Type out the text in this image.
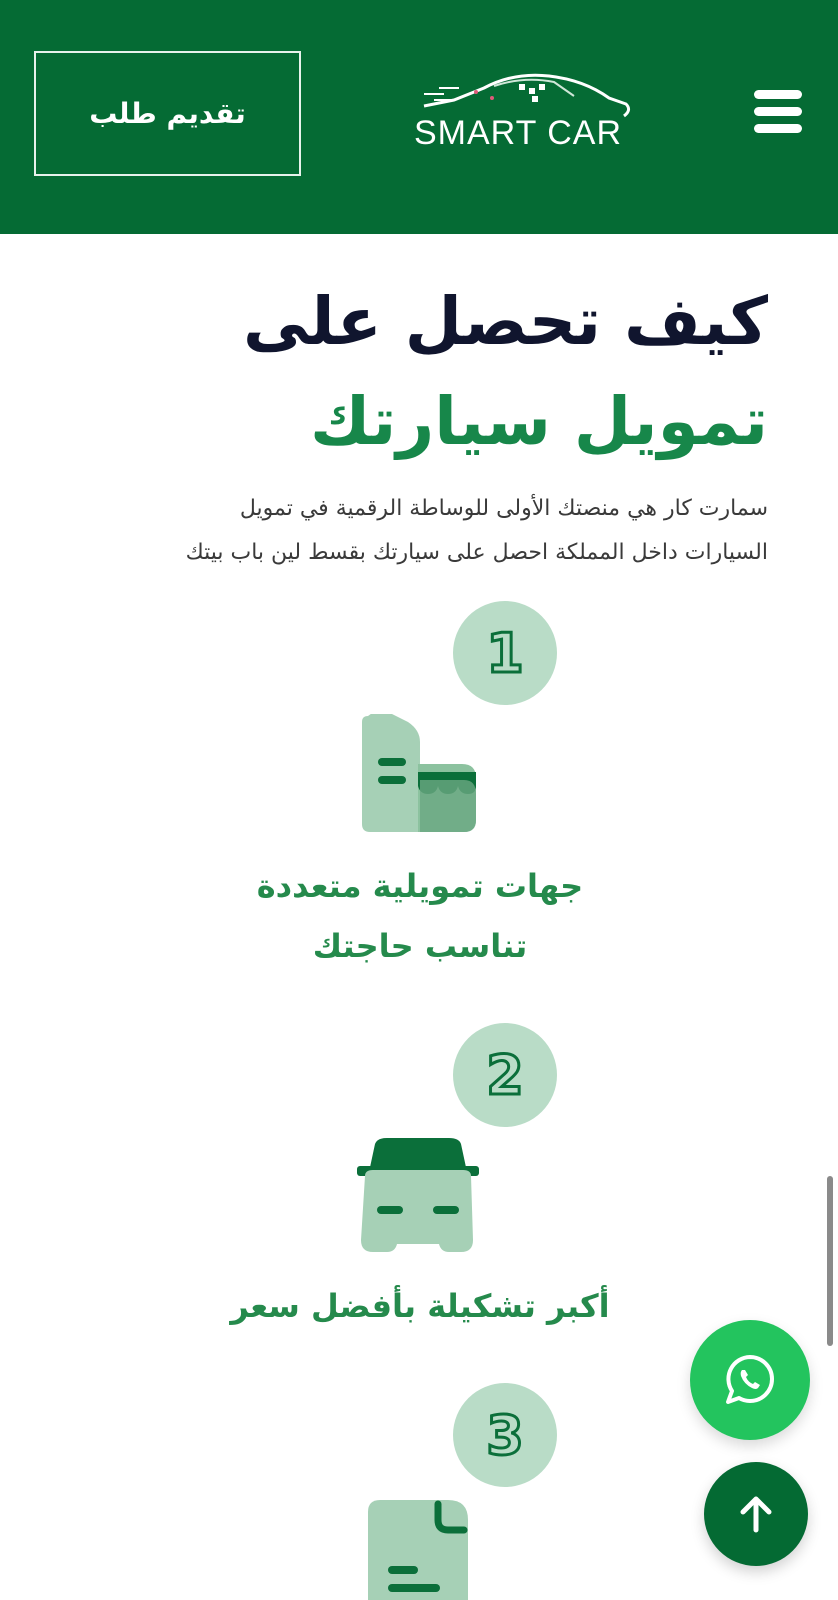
تقديم طلب
SMART CAR
كيف تحصل على
تمويل سيارتك

سمارت كار هي منصتك الأولى للوساطة الرقمية في تمويل
السيارات داخل المملكة احصل على سيارتك بقسط لين باب بيتك

1
جهات تمويلية متعددة
تناسب حاجتك
2
أكبر تشكيلة بأفضل سعر
3
